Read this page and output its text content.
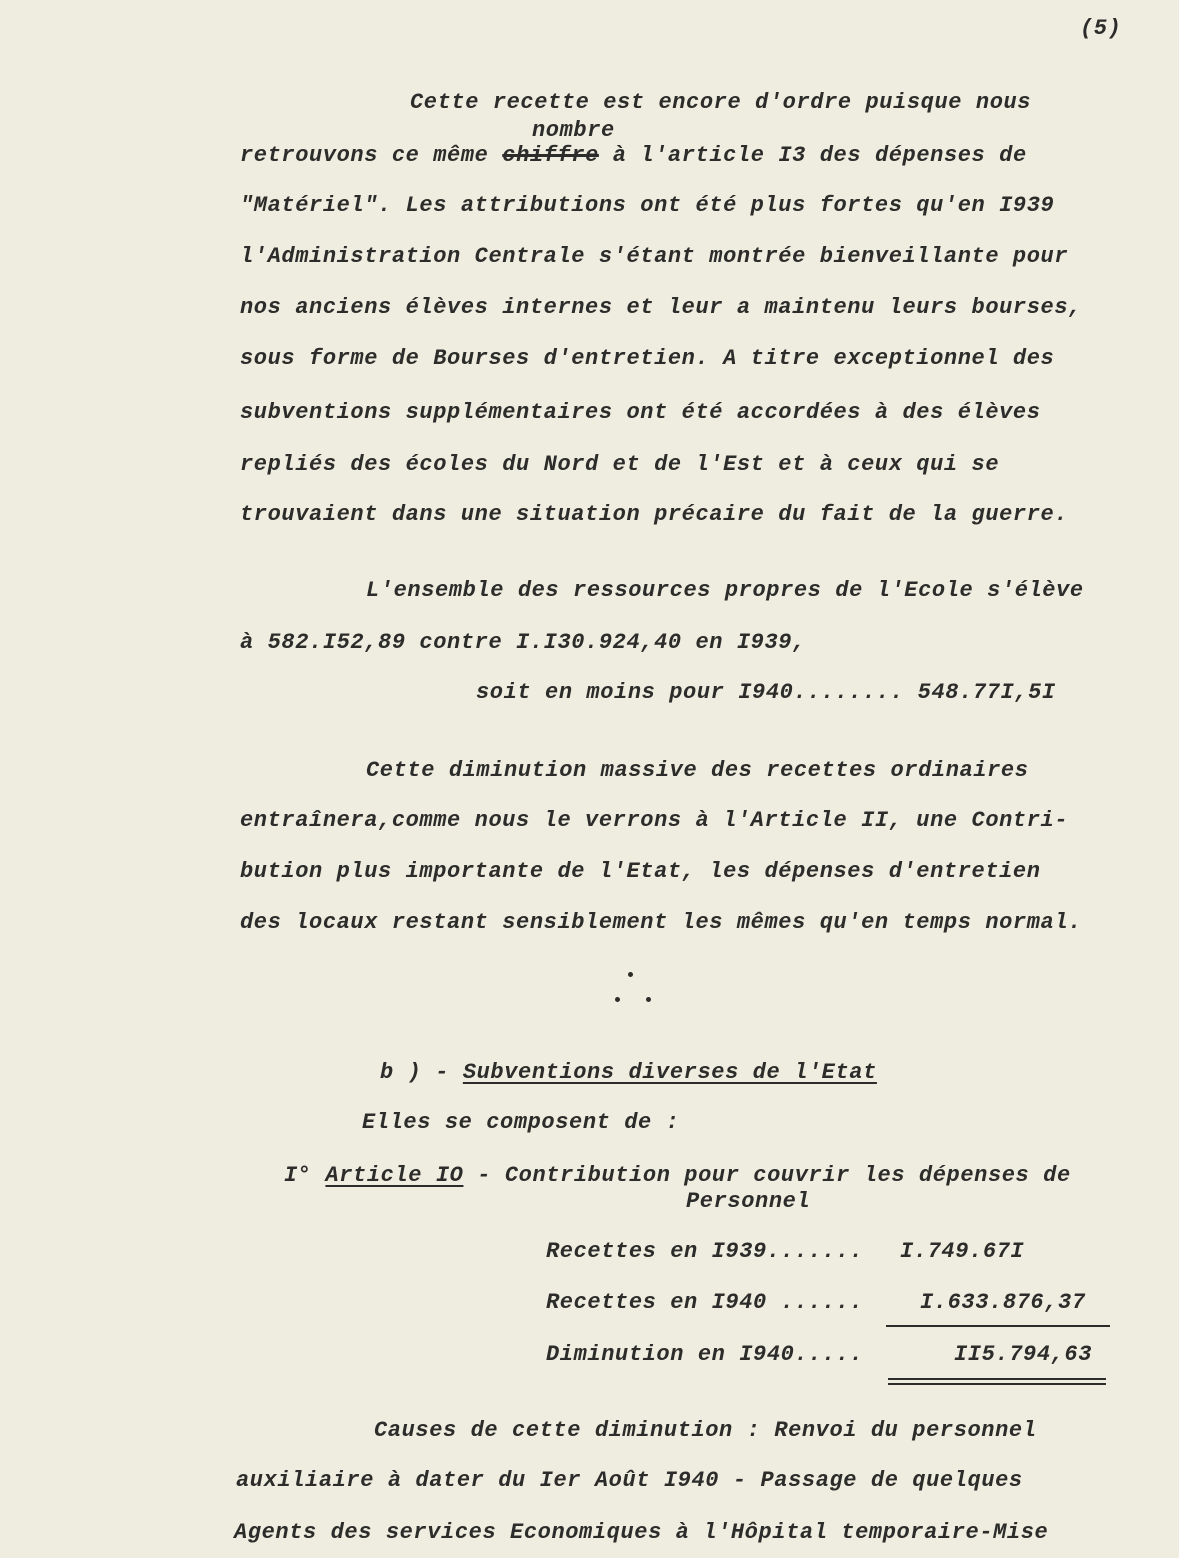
(5)
Cette recette est encore d'ordre puisque nous
nombre
retrouvons ce même chiffre à l'article I3 des dépenses de
"Matériel". Les attributions ont été plus fortes qu'en I939
l'Administration Centrale s'étant montrée bienveillante pour
nos anciens élèves internes et leur a maintenu leurs bourses,
sous forme de Bourses d'entretien. A titre exceptionnel des
subventions supplémentaires ont été accordées à des élèves
repliés des écoles du Nord et de l'Est et à ceux qui se
trouvaient dans une situation précaire du fait de la guerre.
L'ensemble des ressources propres de l'Ecole s'élève
à 582.I52,89 contre I.I30.924,40 en I939,
soit en moins pour I940........ 548.77I,5I
Cette diminution massive des recettes ordinaires
entraînera,comme nous le verrons à l'Article II, une Contri-
bution plus importante de l'Etat, les dépenses d'entretien
des locaux restant sensiblement les mêmes qu'en temps normal.
b ) - Subventions diverses de l'Etat
Elles se composent de :
I° Article IO - Contribution pour couvrir les dépenses de
Personnel
Recettes en I939....... I.749.67I
Recettes en I940 ......	I.633.876,37
Diminution en I940.....	II5.794,63
Causes de cette diminution : Renvoi du personnel
auxiliaire à dater du Ier Août I940 - Passage de quelques
Agents des services Economiques à l'Hôpital temporaire-Mise
